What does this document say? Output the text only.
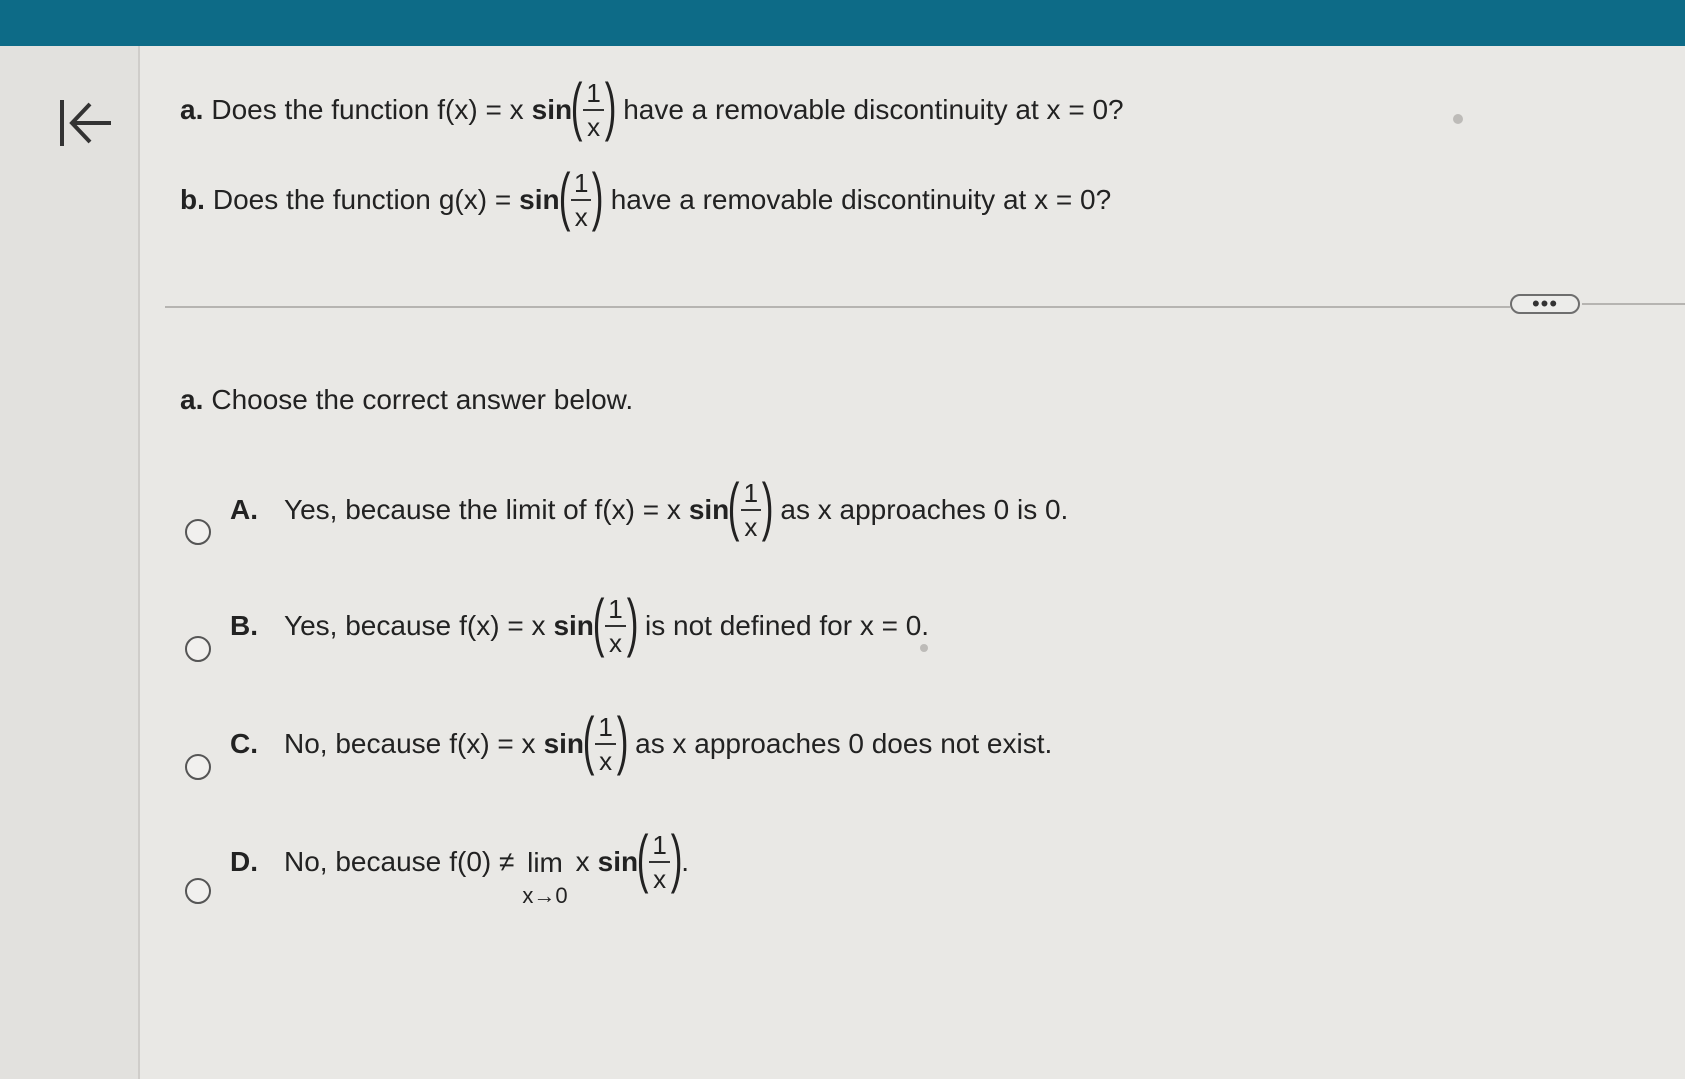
a. Does the function f(x) = x sin
( $\frac{1}{x}$ ) have a removable discontinuity at x = 0?
b. Does the function g(x) = sin
( $\frac{1}{x}$ ) have a removable discontinuity at x = 0?
•••
a. Choose the correct answer below.
A. Yes, because the limit of f(x) = x sin
( $\frac{1}{x}$ ) as x approaches 0 is 0.
B. Yes, because f(x) = x sin
( $\frac{1}{x}$ ) is not defined for x = 0.
C. No, because f(x) = x sin
( $\frac{1}{x}$ ) as x approaches 0 does not exist.
D. No, because f(0) ≠ lim
x→0
x sin
( $\frac{1}{x}$ )
.
